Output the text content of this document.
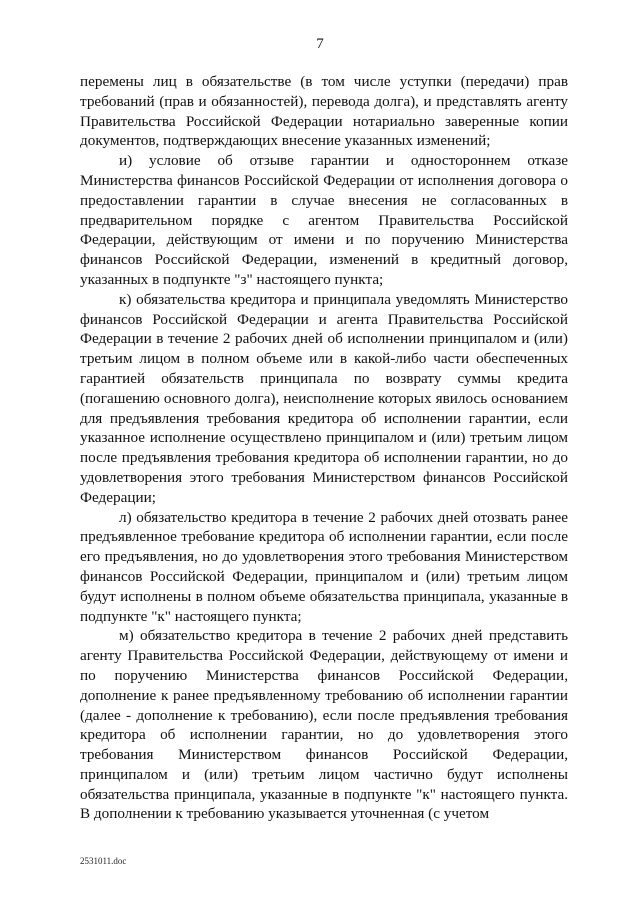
7

перемены лиц в обязательстве (в том числе уступки (передачи) прав требований (прав и обязанностей), перевода долга), и представлять агенту Правительства Российской Федерации нотариально заверенные копии документов, подтверждающих внесение указанных изменений;

и) условие об отзыве гарантии и одностороннем отказе Министерства финансов Российской Федерации от исполнения договора о предоставлении гарантии в случае внесения не согласованных в предварительном порядке с агентом Правительства Российской Федерации, действующим от имени и по поручению Министерства финансов Российской Федерации, изменений в кредитный договор, указанных в подпункте "з" настоящего пункта;

к) обязательства кредитора и принципала уведомлять Министерство финансов Российской Федерации и агента Правительства Российской Федерации в течение 2 рабочих дней об исполнении принципалом и (или) третьим лицом в полном объеме или в какой-либо части обеспеченных гарантией обязательств принципала по возврату суммы кредита (погашению основного долга), неисполнение которых явилось основанием для предъявления требования кредитора об исполнении гарантии, если указанное исполнение осуществлено принципалом и (или) третьим лицом после предъявления требования кредитора об исполнении гарантии, но до удовлетворения этого требования Министерством финансов Российской Федерации;

л) обязательство кредитора в течение 2 рабочих дней отозвать ранее предъявленное требование кредитора об исполнении гарантии, если после его предъявления, но до удовлетворения этого требования Министерством финансов Российской Федерации, принципалом и (или) третьим лицом будут исполнены в полном объеме обязательства принципала, указанные в подпункте "к" настоящего пункта;

м) обязательство кредитора в течение 2 рабочих дней представить агенту Правительства Российской Федерации, действующему от имени и по поручению Министерства финансов Российской Федерации, дополнение к ранее предъявленному требованию об исполнении гарантии (далее - дополнение к требованию), если после предъявления требования кредитора об исполнении гарантии, но до удовлетворения этого требования Министерством финансов Российской Федерации, принципалом и (или) третьим лицом частично будут исполнены обязательства принципала, указанные в подпункте "к" настоящего пункта. В дополнении к требованию указывается уточненная (с учетом

2531011.doc
